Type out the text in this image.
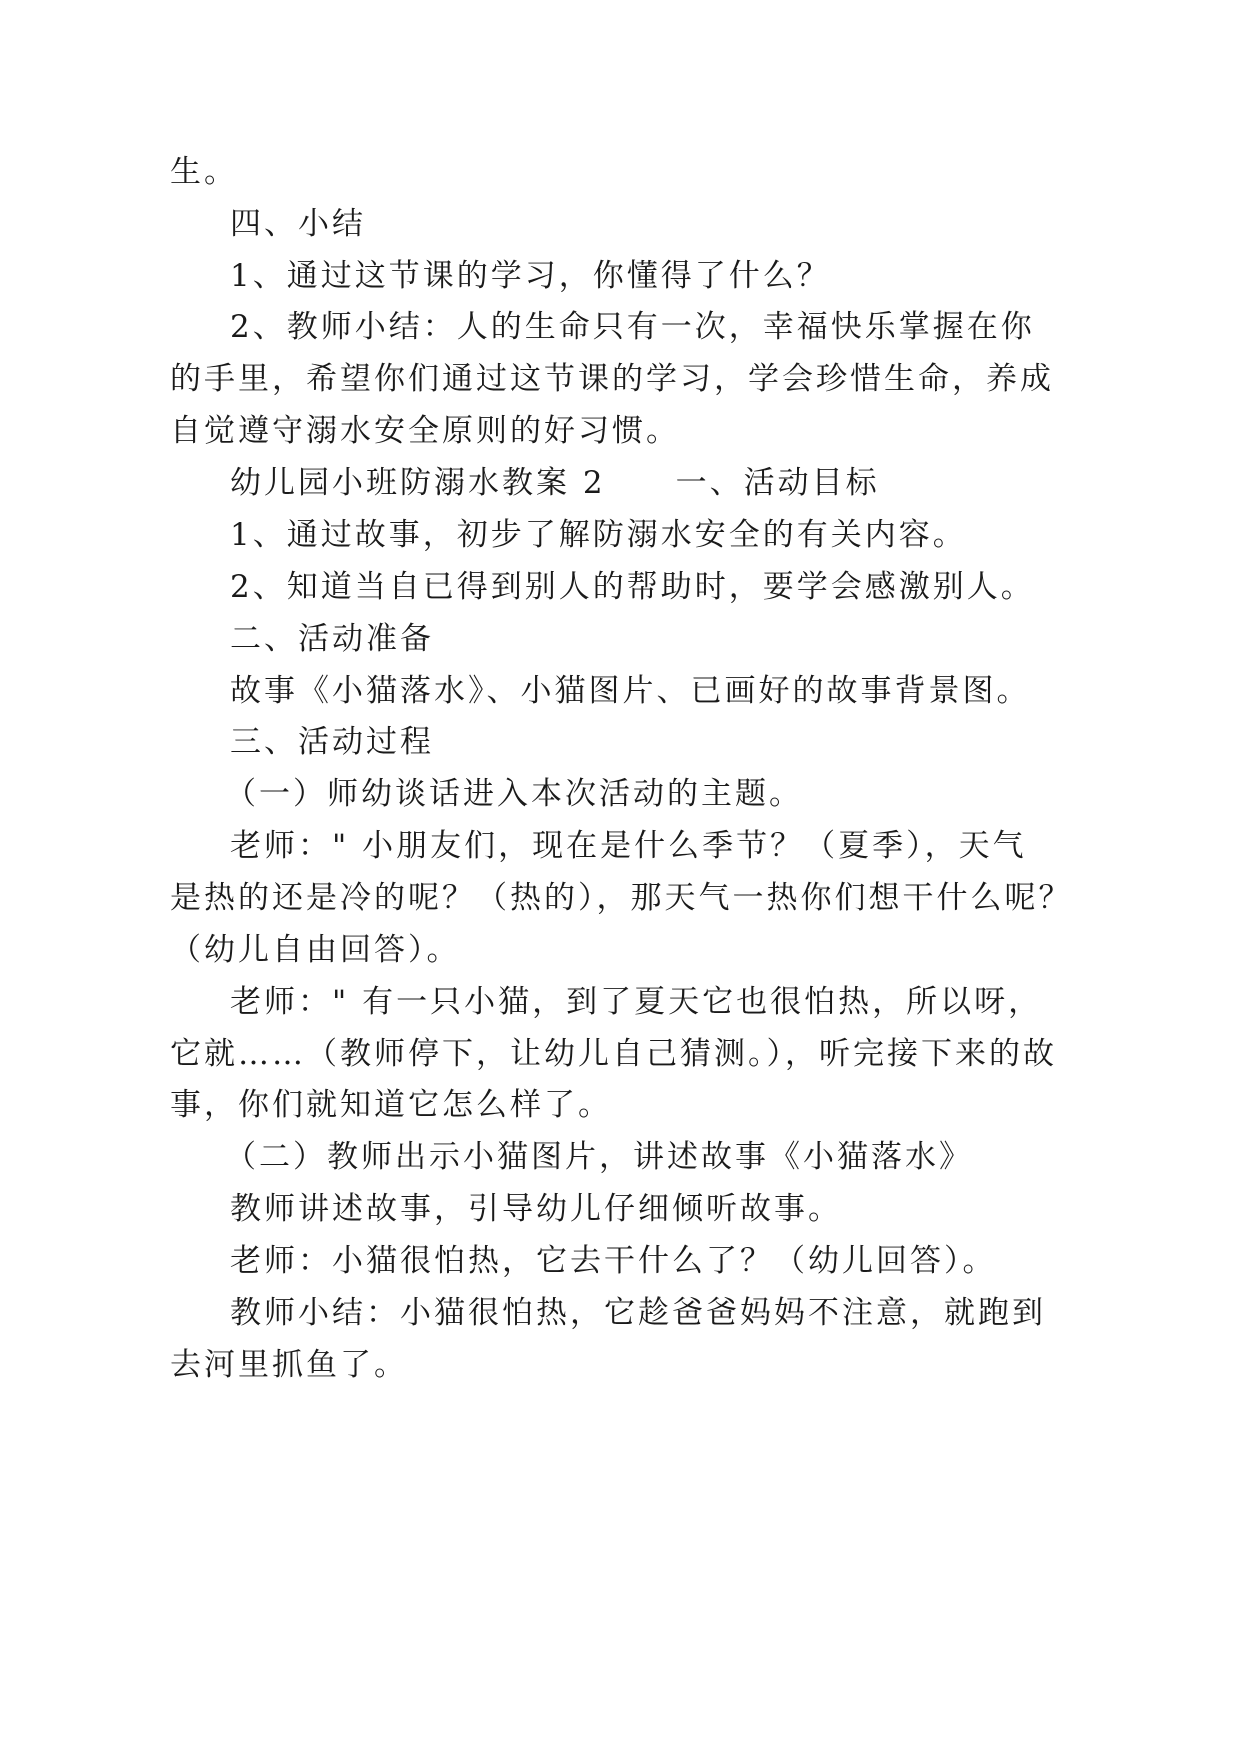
生。

四、小结

1、通过这节课的学习，你懂得了什么？

2、教师小结：人的生命只有一次，幸福快乐掌握在你

的手里，希望你们通过这节课的学习，学会珍惜生命，养成

自觉遵守溺水安全原则的好习惯。

幼儿园小班防溺水教案 2 一、活动目标

1、通过故事，初步了解防溺水安全的有关内容。

2、知道当自已得到别人的帮助时，要学会感激别人。

二、活动准备

故事《小猫落水》、小猫图片、已画好的故事背景图。

三、活动过程

（一）师幼谈话进入本次活动的主题。

老师：" 小朋友们，现在是什么季节？（夏季），天气

是热的还是冷的呢？（热的），那天气一热你们想干什么呢？

（幼儿自由回答）。

老师：" 有一只小猫，到了夏天它也很怕热，所以呀，

它就……（教师停下，让幼儿自己猜测。），听完接下来的故

事，你们就知道它怎么样了。

（二）教师出示小猫图片，讲述故事《小猫落水》

教师讲述故事，引导幼儿仔细倾听故事。

老师：小猫很怕热，它去干什么了？（幼儿回答）。

教师小结：小猫很怕热，它趁爸爸妈妈不注意，就跑到

去河里抓鱼了。
